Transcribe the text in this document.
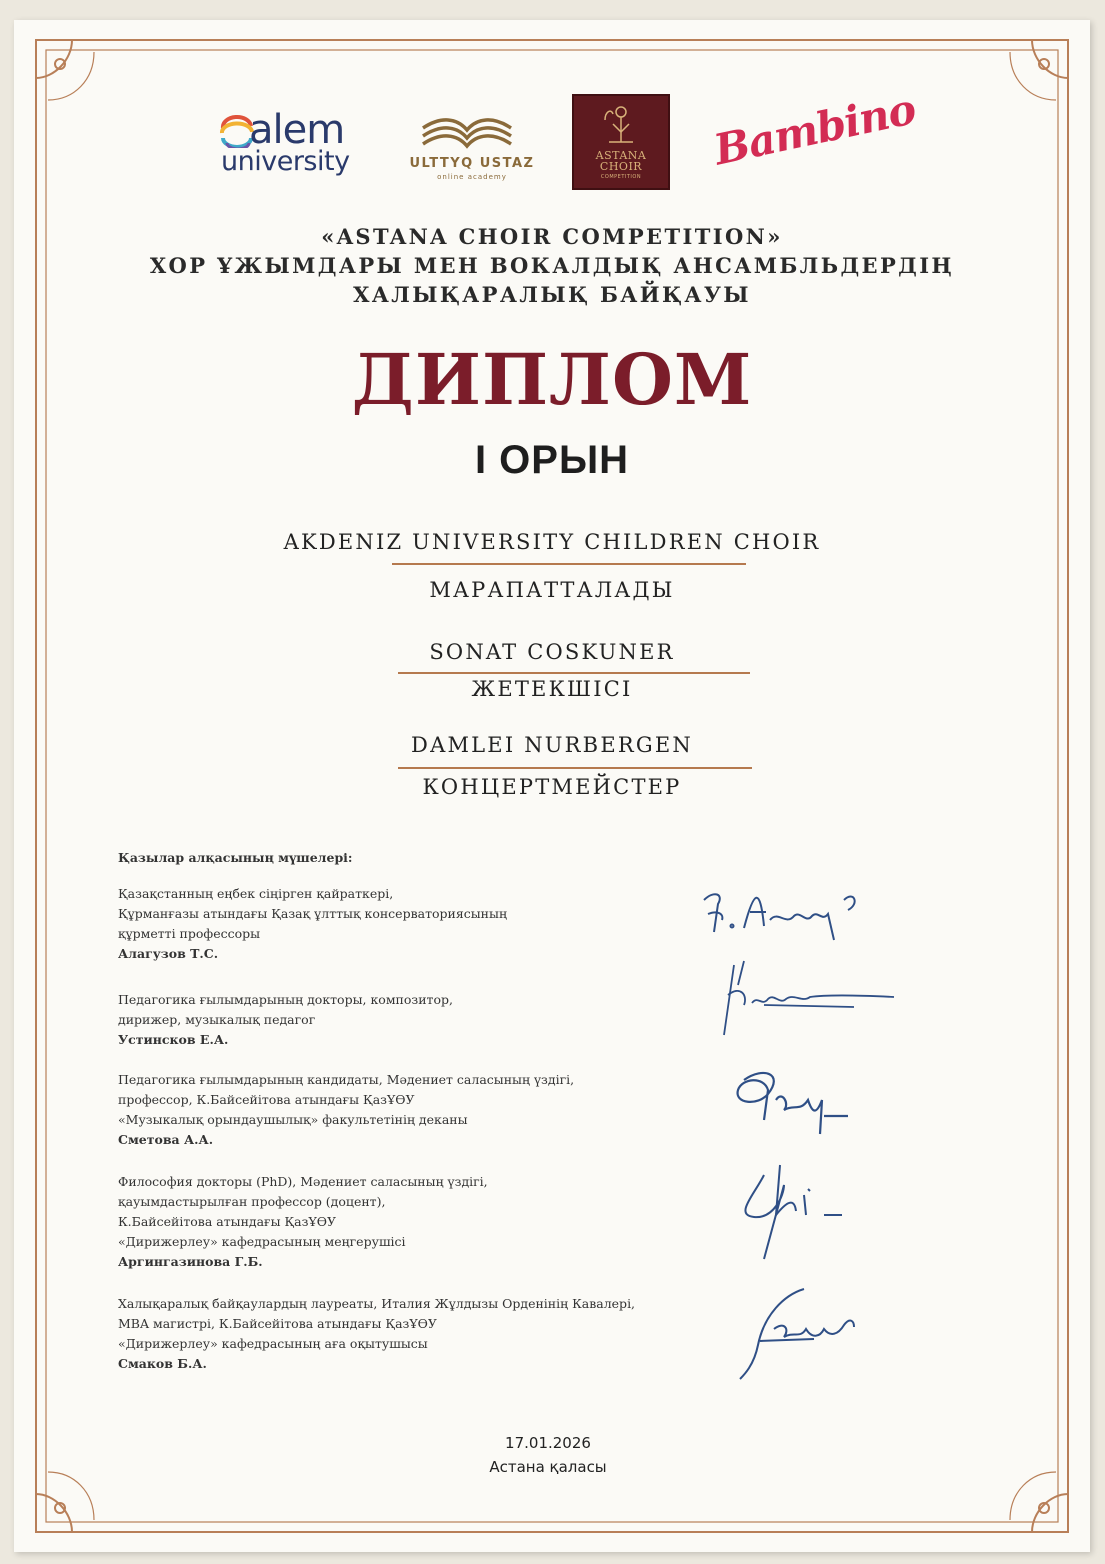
alem
university	ULTTYQ USTAZ
online academy
ASTANA
CHOIR
COMPETITION
Bambino
«ASTANA CHOIR COMPETITION»
ХОР ҰЖЫМДАРЫ МЕН ВОКАЛДЫҚ АНСАМБЛЬДЕРДІҢ
ХАЛЫҚАРАЛЫҚ БАЙҚАУЫ
ДИПЛОМ
I ОРЫН
AKDENIZ UNIVERSITY CHILDREN CHOIR
МАРАПАТТАЛАДЫ
SONAT COSKUNER
ЖЕТЕКШІСІ
DAMLEI NURBERGEN
КОНЦЕРТМЕЙСТЕР
Қазылар алқасының мүшелері:
Қазақстанның еңбек сіңірген қайраткері,
Құрманғазы атындағы Қазақ ұлттық консерваториясының
құрметті профессоры
Алагузов Т.С.
Педагогика ғылымдарының докторы, композитор,
дирижер, музыкалық педагог
Устинсков Е.А.
Педагогика ғылымдарының кандидаты, Мәдениет саласының үздігі,
профессор, К.Байсейітова атындағы ҚазҰӨУ
«Музыкалық орындаушылық» факультетінің деканы
Сметова А.А.
Философия докторы (PhD), Мәдениет саласының үздігі,
қауымдастырылған профессор (доцент),
К.Байсейітова атындағы ҚазҰӨУ
«Дирижерлеу» кафедрасының меңгерушісі
Аргингазинова Г.Б.
Халықаралық байқаулардың лауреаты, Италия Жұлдызы Орденінің Кавалері,
MBA магистрі, К.Байсейітова атындағы ҚазҰӨУ
«Дирижерлеу» кафедрасының аға оқытушысы
Смаков Б.А.
17.01.2026
Астана қаласы
